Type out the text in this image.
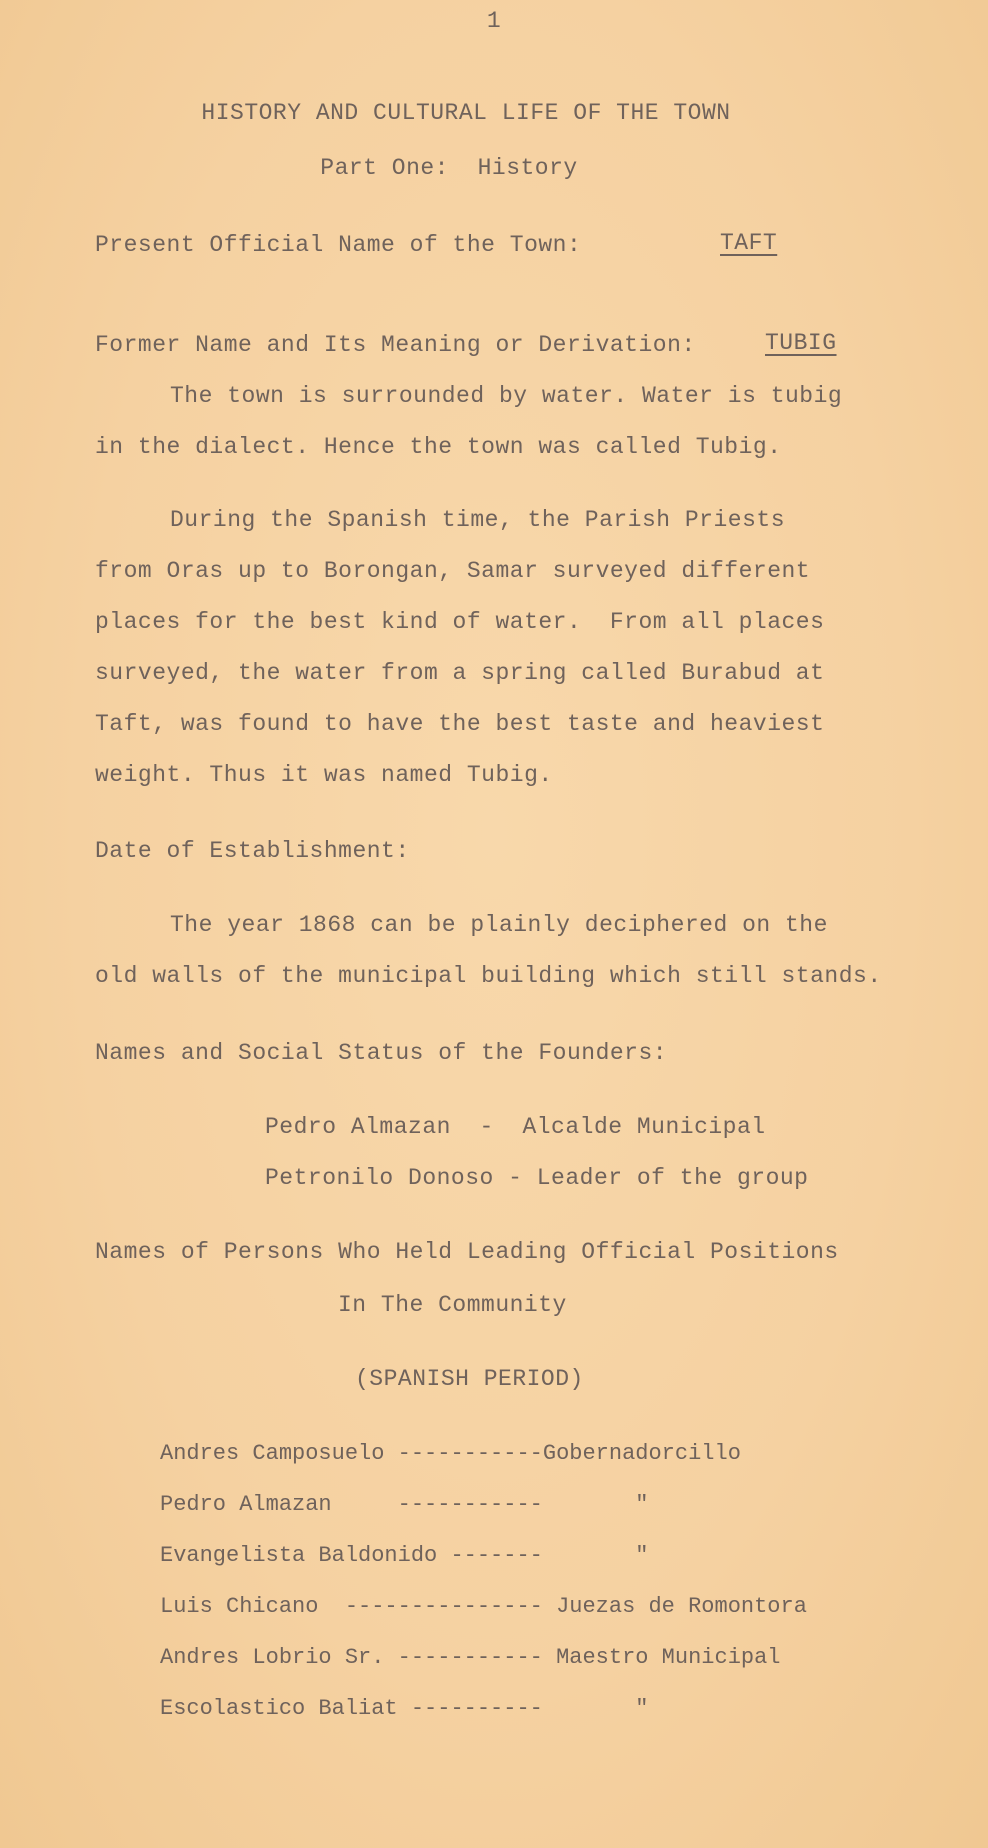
1
HISTORY AND CULTURAL LIFE OF THE TOWN
Part One:  History
Present Official Name of the Town:	TAFT
Former Name and Its Meaning or Derivation:	TUBIG
The town is surrounded by water. Water is tubig
in the dialect. Hence the town was called Tubig.
During the Spanish time, the Parish Priests
from Oras up to Borongan, Samar surveyed different
places for the best kind of water.  From all places
surveyed, the water from a spring called Burabud at
Taft, was found to have the best taste and heaviest
weight. Thus it was named Tubig.
Date of Establishment:
The year 1868 can be plainly deciphered on the
old walls of the municipal building which still stands.
Names and Social Status of the Founders:
Pedro Almazan  -  Alcalde Municipal
Petronilo Donoso - Leader of the group
Names of Persons Who Held Leading Official Positions
In The Community
(SPANISH PERIOD)
Andres Camposuelo -----------Gobernadorcillo
Pedro Almazan     -----------       "
Evangelista Baldonido -------       "
Luis Chicano  --------------- Juezas de Romontora
Andres Lobrio Sr. ----------- Maestro Municipal
Escolastico Baliat ----------       "
